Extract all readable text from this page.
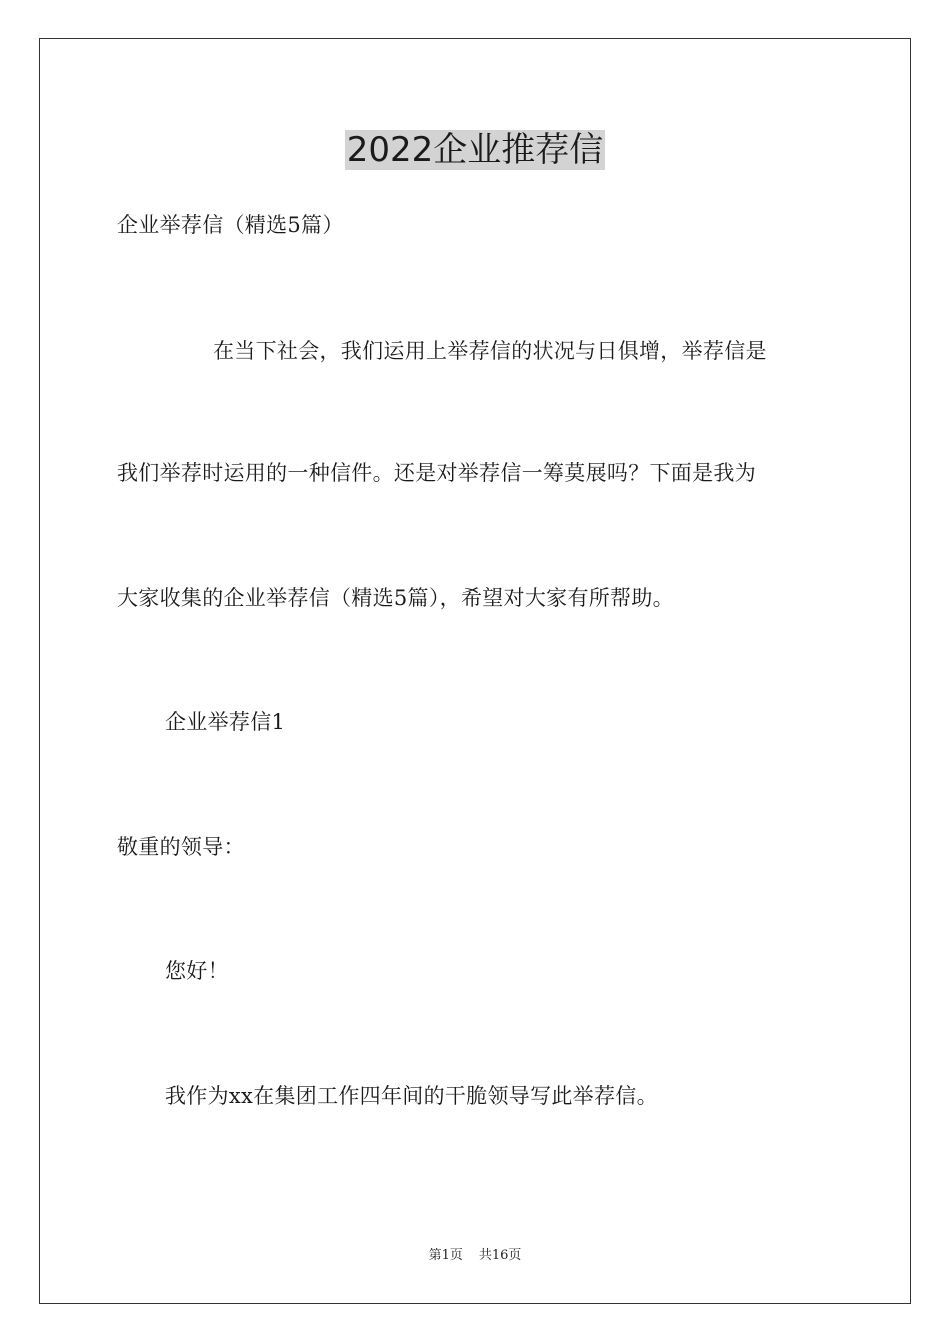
2022企业推荐信
企业举荐信（精选5篇）
在当下社会，我们运用上举荐信的状况与日俱增，举荐信是
我们举荐时运用的一种信件。还是对举荐信一筹莫展吗？下面是我为
大家收集的企业举荐信（精选5篇），希望对大家有所帮助。
企业举荐信1
敬重的领导：
您好！
我作为xx在集团工作四年间的干脆领导写此举荐信。
第1页 共16页
